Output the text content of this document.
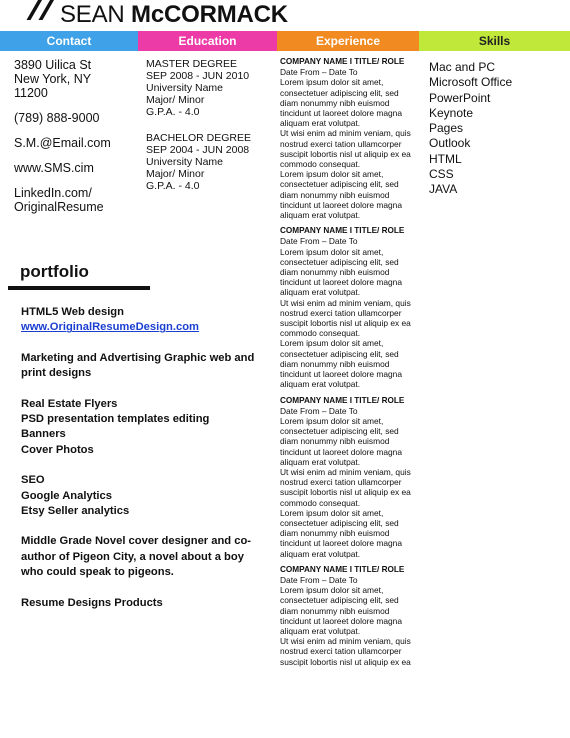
SEAN McCORMACK
Contact	Education	Experience	Skills
3890 Uilica St
New York, NY
11200
(789) 888-9000
S.M.@Email.com
www.SMS.cim
LinkedIn.com/
OriginalResume
MASTER DEGREE
SEP 2008 - JUN 2010
University Name
Major/ Minor
G.P.A. - 4.0
BACHELOR DEGREE
SEP 2004 - JUN 2008
University Name
Major/ Minor
G.P.A. - 4.0
COMPANY NAME I TITLE/ ROLE
Date From – Date To
Lorem ipsum dolor sit amet,
consectetuer adipiscing elit, sed
diam nonummy nibh euismod
tincidunt ut laoreet dolore magna
aliquam erat volutpat.
Ut wisi enim ad minim veniam, quis
nostrud exerci tation ullamcorper
suscipit lobortis nisl ut aliquip ex ea
commodo consequat.
Lorem ipsum dolor sit amet,
consectetuer adipiscing elit, sed
diam nonummy nibh euismod
tincidunt ut laoreet dolore magna
aliquam erat volutpat.
COMPANY NAME I TITLE/ ROLE
Date From – Date To
Lorem ipsum dolor sit amet,
consectetuer adipiscing elit, sed
diam nonummy nibh euismod
tincidunt ut laoreet dolore magna
aliquam erat volutpat.
Ut wisi enim ad minim veniam, quis
nostrud exerci tation ullamcorper
suscipit lobortis nisl ut aliquip ex ea
commodo consequat.
Lorem ipsum dolor sit amet,
consectetuer adipiscing elit, sed
diam nonummy nibh euismod
tincidunt ut laoreet dolore magna
aliquam erat volutpat.
COMPANY NAME I TITLE/ ROLE
Date From – Date To
Lorem ipsum dolor sit amet,
consectetuer adipiscing elit, sed
diam nonummy nibh euismod
tincidunt ut laoreet dolore magna
aliquam erat volutpat.
Ut wisi enim ad minim veniam, quis
nostrud exerci tation ullamcorper
suscipit lobortis nisl ut aliquip ex ea
commodo consequat.
Lorem ipsum dolor sit amet,
consectetuer adipiscing elit, sed
diam nonummy nibh euismod
tincidunt ut laoreet dolore magna
aliquam erat volutpat.
COMPANY NAME I TITLE/ ROLE
Date From – Date To
Lorem ipsum dolor sit amet,
consectetuer adipiscing elit, sed
diam nonummy nibh euismod
tincidunt ut laoreet dolore magna
aliquam erat volutpat.
Ut wisi enim ad minim veniam, quis
nostrud exerci tation ullamcorper
suscipit lobortis nisl ut aliquip ex ea
Mac and PC
Microsoft Office
PowerPoint
Keynote
Pages
Outlook
HTML
CSS
JAVA
portfolio
HTML5 Web design
www.OriginalResumeDesign.com
Marketing and Advertising Graphic web and
print designs
Real Estate Flyers
PSD presentation templates editing
Banners
Cover Photos
SEO
Google Analytics
Etsy Seller analytics
Middle Grade Novel cover designer and co-
author of Pigeon City, a novel about a boy
who could speak to pigeons.
Resume Designs Products
